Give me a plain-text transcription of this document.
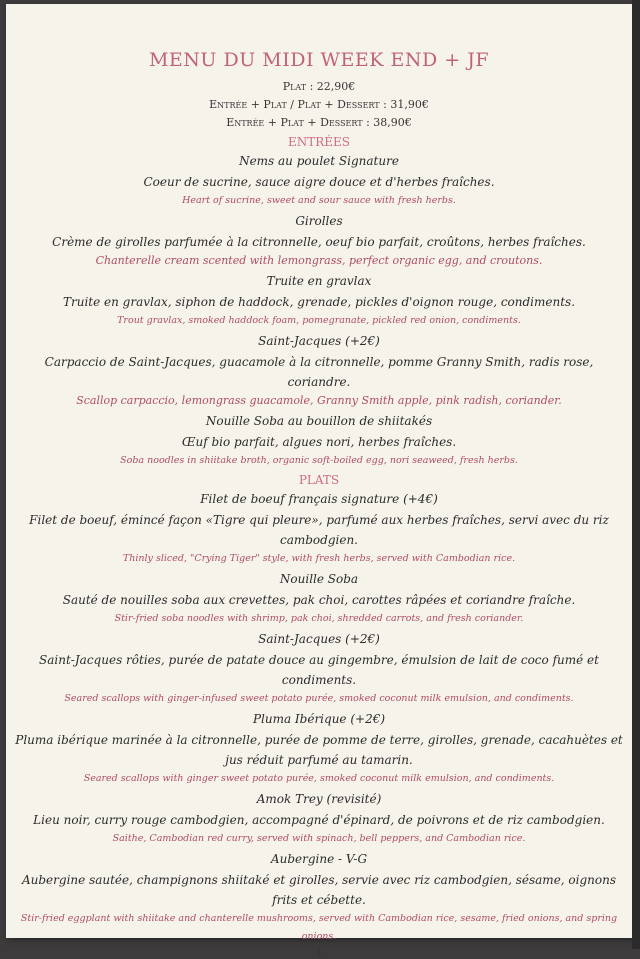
MENU DU MIDI WEEK END + JF
Plat : 22,90€
Entrée + Plat / Plat + Dessert : 31,90€
Entrée + Plat + Dessert : 38,90€
ENTRÉES
Nems au poulet Signature
Coeur de sucrine, sauce aigre douce et d'herbes fraîches.
Heart of sucrine, sweet and sour sauce with fresh herbs.
Girolles
Crème de girolles parfumée à la citronnelle, oeuf bio parfait, croûtons, herbes fraîches.
Chanterelle cream scented with lemongrass, perfect organic egg, and croutons.
Truite en gravlax
Truite en gravlax, siphon de haddock, grenade, pickles d'oignon rouge, condiments.
Trout gravlax, smoked haddock foam, pomegranate, pickled red onion, condiments.
Saint-Jacques (+2€)
Carpaccio de Saint-Jacques, guacamole à la citronnelle, pomme Granny Smith, radis rose, coriandre.
Scallop carpaccio, lemongrass guacamole, Granny Smith apple, pink radish, coriander.
Nouille Soba au bouillon de shiitakés
Œuf bio parfait, algues nori, herbes fraîches.
Soba noodles in shiitake broth, organic soft-boiled egg, nori seaweed, fresh herbs.
PLATS
Filet de boeuf français signature (+4€)
Filet de boeuf, émincé façon «Tigre qui pleure», parfumé aux herbes fraîches, servi avec du riz cambodgien.
Thinly sliced, "Crying Tiger" style, with fresh herbs, served with Cambodian rice.
Nouille Soba
Sauté de nouilles soba aux crevettes, pak choi, carottes râpées et coriandre fraîche.
Stir-fried soba noodles with shrimp, pak choi, shredded carrots, and fresh coriander.
Saint-Jacques (+2€)
Saint-Jacques rôties, purée de patate douce au gingembre, émulsion de lait de coco fumé et condiments.
Seared scallops with ginger-infused sweet potato purée, smoked coconut milk emulsion, and condiments.
Pluma Ibérique (+2€)
Pluma ibérique marinée à la citronnelle, purée de pomme de terre, girolles, grenade, cacahuètes et jus réduit parfumé au tamarin.
Seared scallops with ginger sweet potato purée, smoked coconut milk emulsion, and condiments.
Amok Trey (revisité)
Lieu noir, curry rouge cambodgien, accompagné d'épinard, de poivrons et de riz cambodgien.
Saithe, Cambodian red curry, served with spinach, bell peppers, and Cambodian rice.
Aubergine - V-G
Aubergine sautée, champignons shiitaké et girolles, servie avec riz cambodgien, sésame, oignons frits et cébette.
Stir-fried eggplant with shiitake and chanterelle mushrooms, served with Cambodian rice, sesame, fried onions, and spring onions.
4
